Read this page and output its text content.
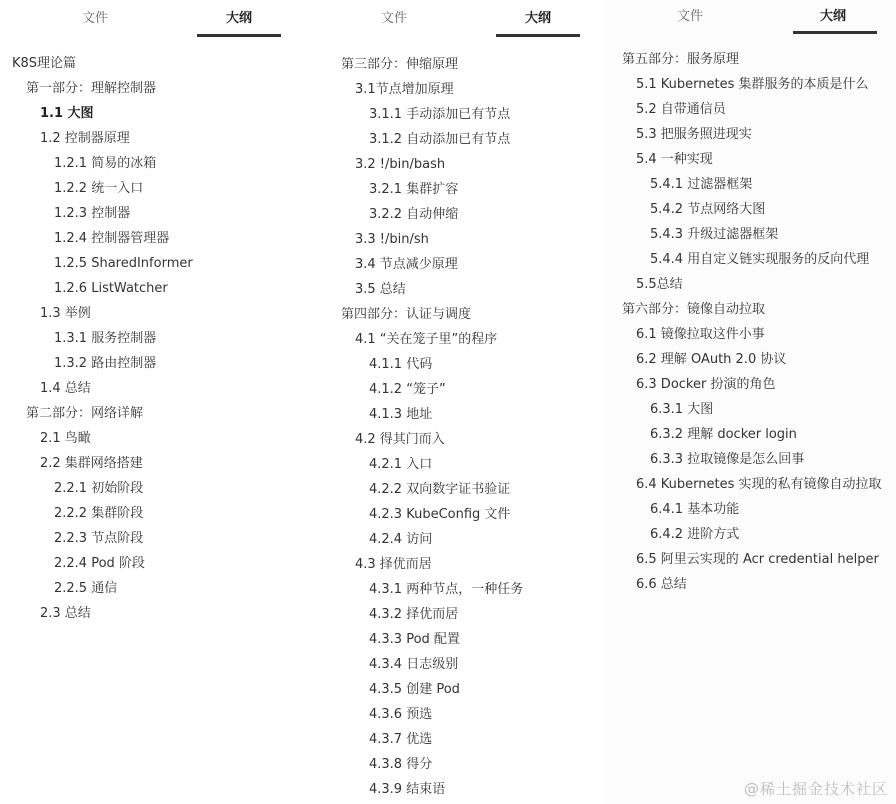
文件	大纲
K8S理论篇
第一部分：理解控制器
1.1 大图
1.2 控制器原理
1.2.1 简易的冰箱
1.2.2 统一入口
1.2.3 控制器
1.2.4 控制器管理器
1.2.5 SharedInformer
1.2.6 ListWatcher
1.3 举例
1.3.1 服务控制器
1.3.2 路由控制器
1.4 总结
第二部分：网络详解
2.1 鸟瞰
2.2 集群网络搭建
2.2.1 初始阶段
2.2.2 集群阶段
2.2.3 节点阶段
2.2.4 Pod 阶段
2.2.5 通信
2.3 总结
文件	大纲
第三部分：伸缩原理
3.1节点增加原理
3.1.1 手动添加已有节点
3.1.2 自动添加已有节点
3.2 !/bin/bash
3.2.1 集群扩容
3.2.2 自动伸缩
3.3 !/bin/sh
3.4 节点减少原理
3.5 总结
第四部分：认证与调度
4.1 “关在笼子里”的程序
4.1.1 代码
4.1.2 “笼子”
4.1.3 地址
4.2 得其门而入
4.2.1 入口
4.2.2 双向数字证书验证
4.2.3 KubeConfig 文件
4.2.4 访问
4.3 择优而居
4.3.1 两种节点，一种任务
4.3.2 择优而居
4.3.3 Pod 配置
4.3.4 日志级别
4.3.5 创建 Pod
4.3.6 预选
4.3.7 优选
4.3.8 得分
4.3.9 结束语
文件	大纲
第五部分：服务原理
5.1 Kubernetes 集群服务的本质是什么
5.2 自带通信员
5.3 把服务照进现实
5.4 一种实现
5.4.1 过滤器框架
5.4.2 节点网络大图
5.4.3 升级过滤器框架
5.4.4 用自定义链实现服务的反向代理
5.5总结
第六部分：镜像自动拉取
6.1 镜像拉取这件小事
6.2 理解 OAuth 2.0 协议
6.3 Docker 扮演的角色
6.3.1 大图
6.3.2 理解 docker login
6.3.3 拉取镜像是怎么回事
6.4 Kubernetes 实现的私有镜像自动拉取
6.4.1 基本功能
6.4.2 进阶方式
6.5 阿里云实现的 Acr credential helper
6.6 总结
@稀土掘金技术社区
